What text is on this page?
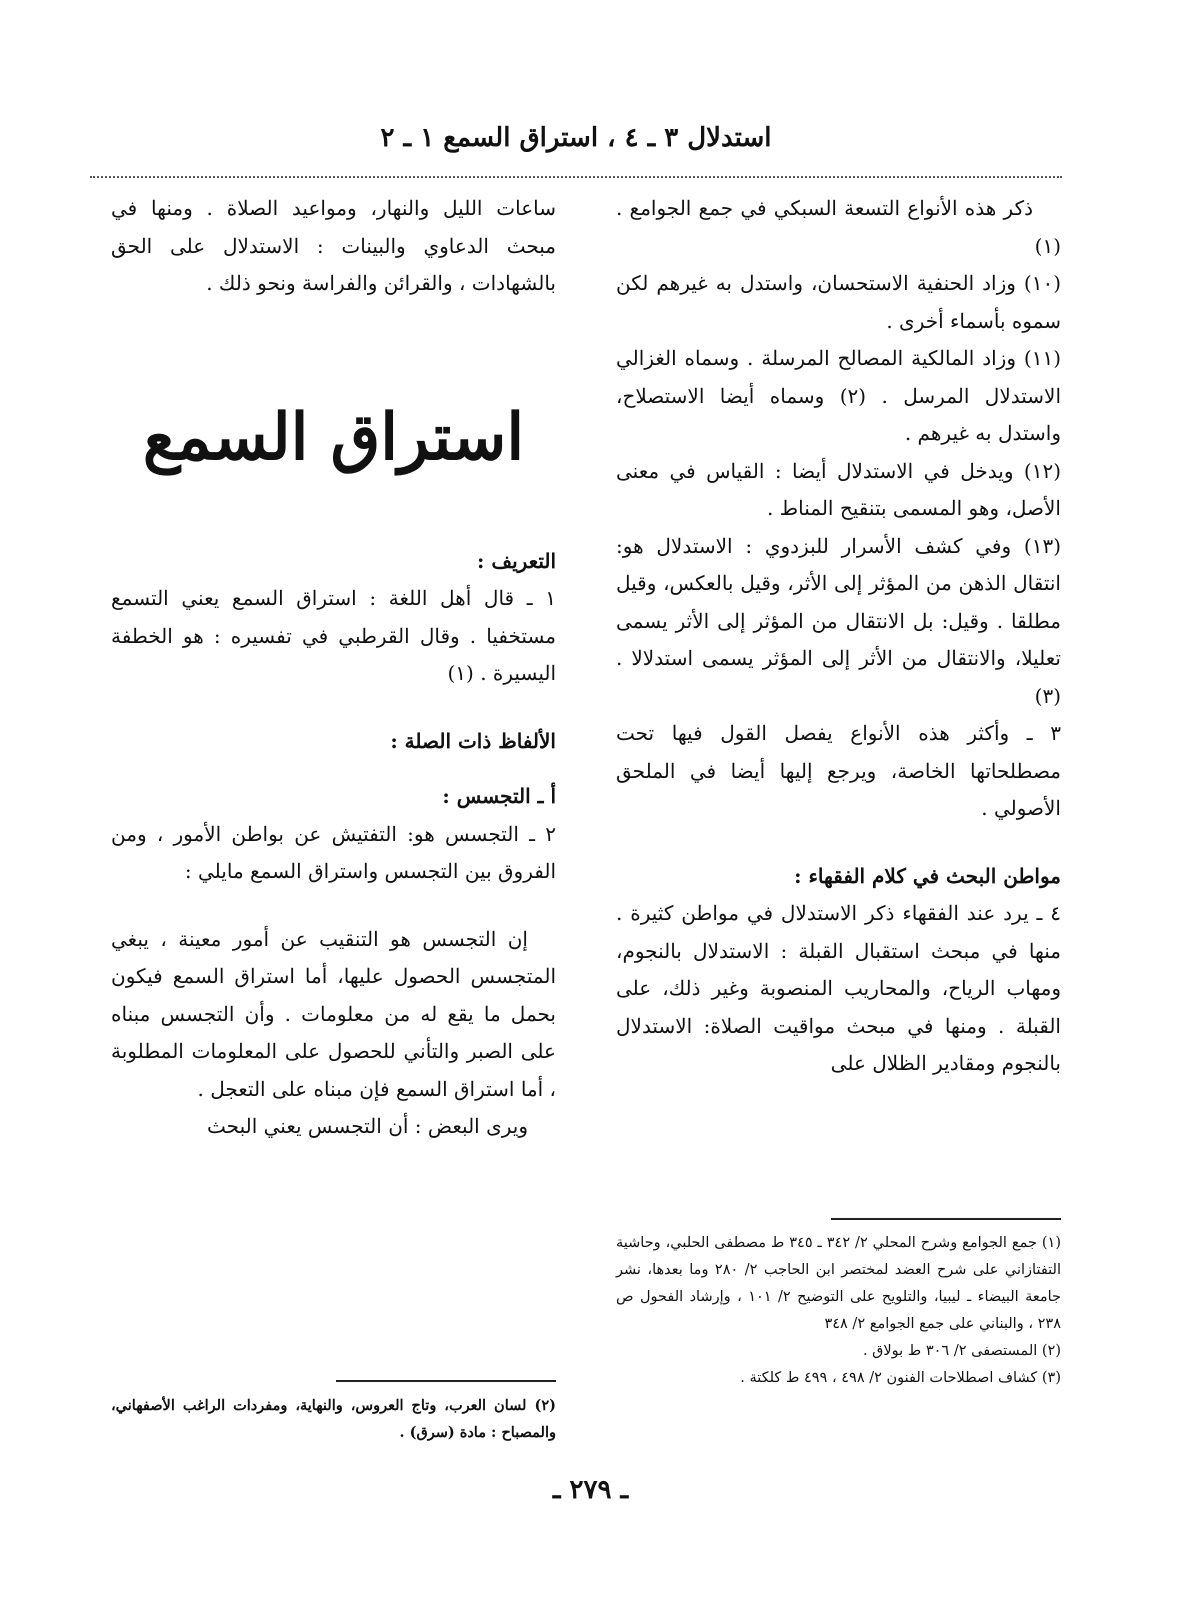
استدلال ٣ ـ ٤ ، استراق السمع ١ ـ ٢

ذكر هذه الأنواع التسعة السبكي في جمع الجوامع . (١)

(١٠) وزاد الحنفية الاستحسان، واستدل به غيرهم لكن سموه بأسماء أخرى .

(١١) وزاد المالكية المصالح المرسلة . وسماه الغزالي الاستدلال المرسل . (٢) وسماه أيضا الاستصلاح، واستدل به غيرهم .

(١٢) ويدخل في الاستدلال أيضا : القياس في معنى الأصل، وهو المسمى بتنقيح المناط .

(١٣) وفي كشف الأسرار للبزدوي : الاستدلال هو: انتقال الذهن من المؤثر إلى الأثر، وقيل بالعكس، وقيل مطلقا . وقيل: بل الانتقال من المؤثر إلى الأثر يسمى تعليلا، والانتقال من الأثر إلى المؤثر يسمى استدلالا . (٣)

٣ ـ وأكثر هذه الأنواع يفصل القول فيها تحت مصطلحاتها الخاصة، ويرجع إليها أيضا في الملحق الأصولي .

مواطن البحث في كلام الفقهاء :

٤ ـ يرد عند الفقهاء ذكر الاستدلال في مواطن كثيرة . منها في مبحث استقبال القبلة : الاستدلال بالنجوم، ومهاب الرياح، والمحاريب المنصوبة وغير ذلك، على القبلة . ومنها في مبحث مواقيت الصلاة: الاستدلال بالنجوم ومقادير الظلال على

ساعات الليل والنهار، ومواعيد الصلاة . ومنها في مبحث الدعاوي والبينات : الاستدلال على الحق بالشهادات ، والقرائن والفراسة ونحو ذلك .

استراق السمع

التعريف :

١ ـ قال أهل اللغة : استراق السمع يعني التسمع مستخفيا . وقال القرطبي في تفسيره : هو الخطفة اليسيرة . (١)

الألفاظ ذات الصلة :

أ ـ التجسس :

٢ ـ التجسس هو: التفتيش عن بواطن الأمور ، ومن الفروق بين التجسس واستراق السمع مايلي :

إن التجسس هو التنقيب عن أمور معينة ، يبغي المتجسس الحصول عليها، أما استراق السمع فيكون بحمل ما يقع له من معلومات . وأن التجسس مبناه على الصبر والتأني للحصول على المعلومات المطلوبة ، أما استراق السمع فإن مبناه على التعجل .

ويرى البعض : أن التجسس يعني البحث

(١) جمع الجوامع وشرح المحلي ٢/ ٣٤٢ ـ ٣٤٥ ط مصطفى الحلبي، وحاشية التفتازاني على شرح العضد لمختصر ابن الحاجب ٢/ ٢٨٠ وما بعدها، نشر جامعة البيضاء ـ ليبيا، والتلويح على التوضيح ٢/ ١٠١ ، وإرشاد الفحول ص ٢٣٨ ، والبناني على جمع الجوامع ٢/ ٣٤٨

(٢) المستصفى ٢/ ٣٠٦ ط بولاق .

(٣) كشاف اصطلاحات الفنون ٢/ ٤٩٨ ، ٤٩٩ ط كلكتة .

(٢) لسان العرب، وتاج العروس، والنهاية، ومفردات الراغب الأصفهاني، والمصباح : مادة (سرق) .

ـ ٢٧٩ ـ
